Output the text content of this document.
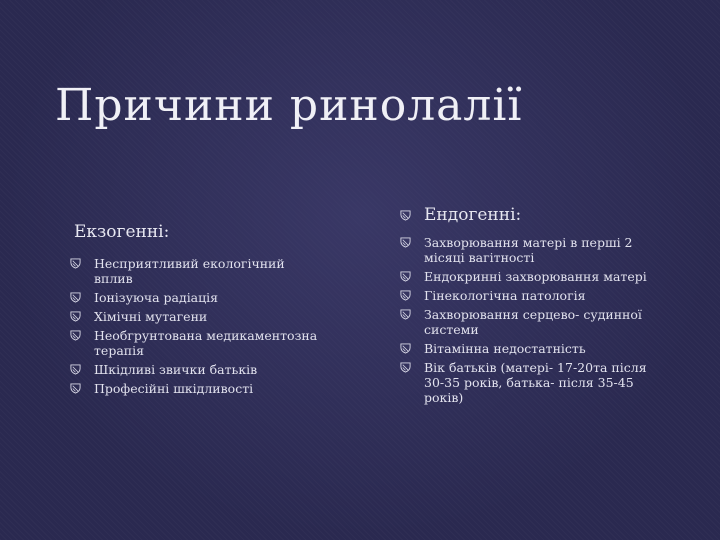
Причини ринолалії
Екзогенні:
Несприятливий екологічний вплив
Іонізуюча радіація
Хімічні мутагени
Необгрунтована медикаментозна терапія
Шкідливі звички батьків
Професійні шкідливості
Ендогенні:
Захворювання матері в перші 2 місяці вагітності
Ендокринні захворювання матері
Гінекологічна патологія
Захворювання серцево- судинної системи
Вітамінна недостатність
Вік батьків (матері- 17-20та після 30-35 років, батька- після 35-45 років)
